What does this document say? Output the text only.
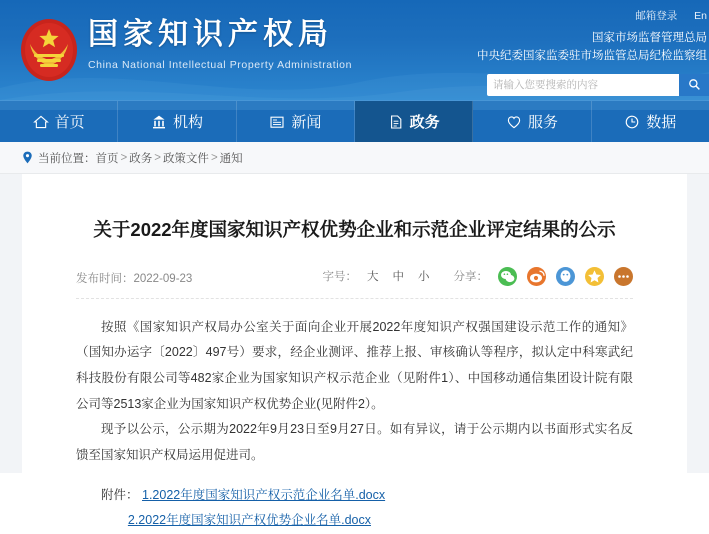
国家知识产权局
China National Intellectual Property Administration
邮箱登录 En
国家市场监督管理总局
中央纪委国家监委驻市场监管总局纪检监察组
请输入您要搜索的内容
首页	机构	新闻	政务	服务	数据
当前位置： 首页 > 政务 > 政策文件 > 通知
关于2022年度国家知识产权优势企业和示范企业评定结果的公示
发布时间：2022-09-23	字号： 大 中 小 分享：

按照《国家知识产权局办公室关于面向企业开展2022年度知识产权强国建设示范工作的通知》（国知办运字〔2022〕497号）要求，经企业测评、推荐上报、审核确认等程序，拟认定中科寒武纪科技股份有限公司等482家企业为国家知识产权示范企业（见附件1）、中国移动通信集团设计院有限公司等2513家企业为国家知识产权优势企业(见附件2）。

现予以公示，公示期为2022年9月23日至9月27日。如有异议，请于公示期内以书面形式实名反馈至国家知识产权局运用促进司。

附件： 1.2022年度国家知识产权示范企业名单.docx
2.2022年度国家知识产权优势企业名单.docx
